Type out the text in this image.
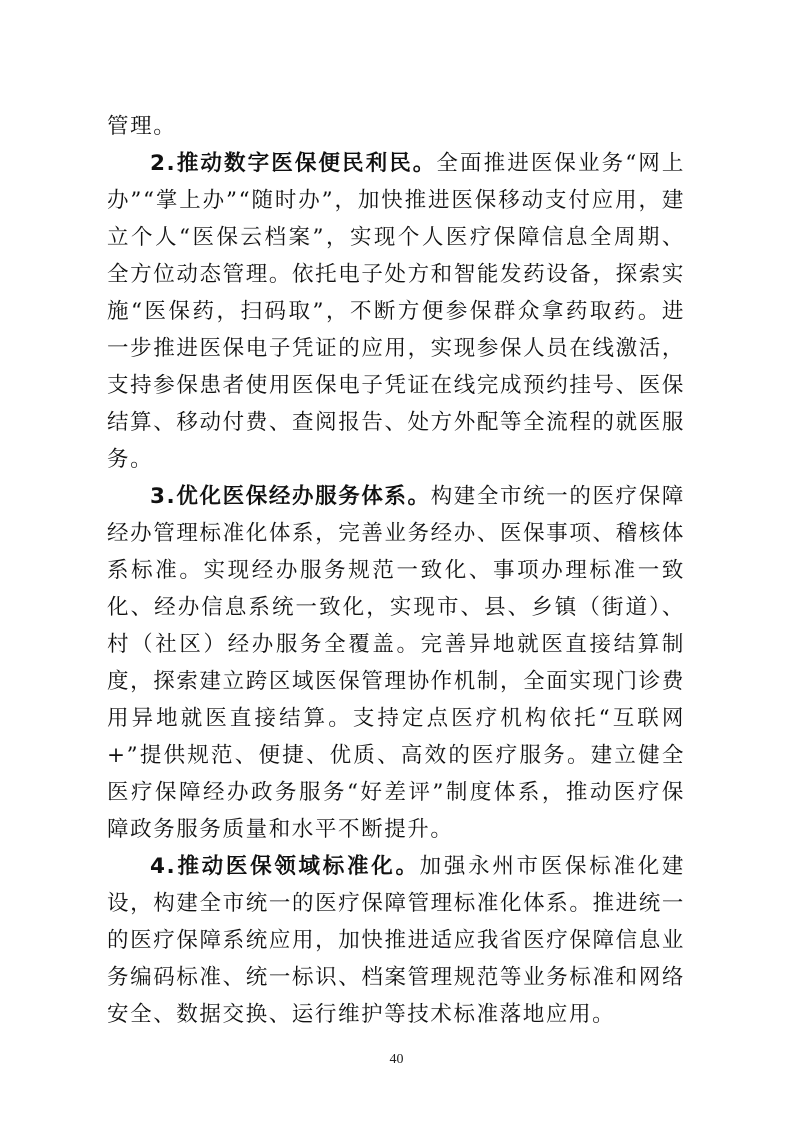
管理。

2.推动数字医保便民利民。全面推进医保业务“网上办”“掌上办”“随时办”，加快推进医保移动支付应用，建立个人“医保云档案”，实现个人医疗保障信息全周期、全方位动态管理。依托电子处方和智能发药设备，探索实施“医保药，扫码取”，不断方便参保群众拿药取药。进一步推进医保电子凭证的应用，实现参保人员在线激活，支持参保患者使用医保电子凭证在线完成预约挂号、医保结算、移动付费、查阅报告、处方外配等全流程的就医服务。

3.优化医保经办服务体系。构建全市统一的医疗保障经办管理标准化体系，完善业务经办、医保事项、稽核体系标准。实现经办服务规范一致化、事项办理标准一致化、经办信息系统一致化，实现市、县、乡镇（街道）、村（社区）经办服务全覆盖。完善异地就医直接结算制度，探索建立跨区域医保管理协作机制，全面实现门诊费用异地就医直接结算。支持定点医疗机构依托“互联网+”提供规范、便捷、优质、高效的医疗服务。建立健全医疗保障经办政务服务“好差评”制度体系，推动医疗保障政务服务质量和水平不断提升。

4.推动医保领域标准化。加强永州市医保标准化建设，构建全市统一的医疗保障管理标准化体系。推进统一的医疗保障系统应用，加快推进适应我省医疗保障信息业务编码标准、统一标识、档案管理规范等业务标准和网络安全、数据交换、运行维护等技术标准落地应用。

40
